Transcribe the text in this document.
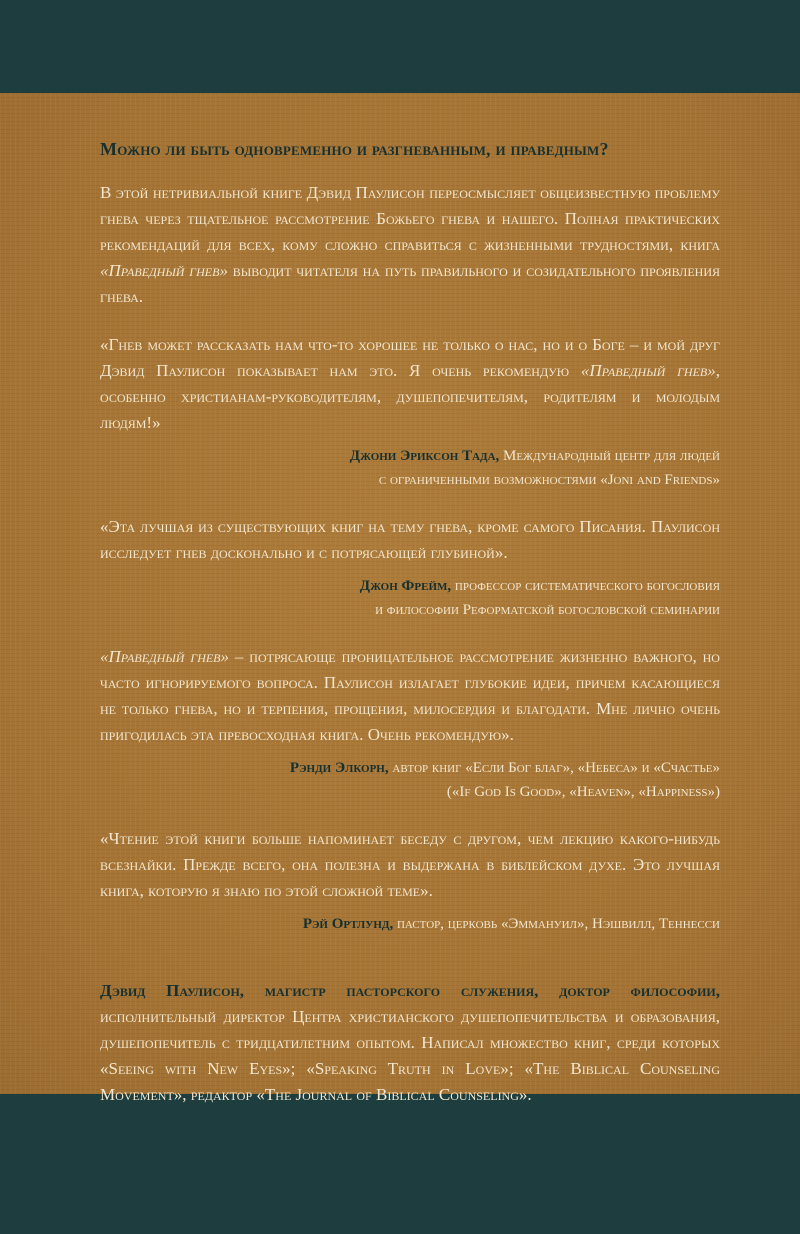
Можно ли быть одновременно и разгневанным, и праведным?

В этой нетривиальной книге Дэвид Паулисон переосмысляет общеизвестную проблему гнева через тщательное рассмотрение Божьего гнева и нашего. Полная практических рекомендаций для всех, кому сложно справиться с жизненными трудностями, книга «Праведный гнев» выводит читателя на путь правильного и созидательного проявления гнева.

«Гнев может рассказать нам что-то хорошее не только о нас, но и о Боге – и мой друг Дэвид Паулисон показывает нам это. Я очень рекомендую «Праведный гнев», особенно христианам-руководителям, душепопечителям, родителям и молодым людям!»

Джони Эриксон Тада, Международный центр для людей
с ограниченными возможностями «Joni and Friends»

«Эта лучшая из существующих книг на тему гнева, кроме самого Писания. Паулисон исследует гнев досконально и с потрясающей глубиной».

Джон Фрейм, профессор систематического богословия
и философии Реформатской богословской семинарии

«Праведный гнев» – потрясающе проницательное рассмотрение жизненно важного, но часто игнорируемого вопроса. Паулисон излагает глубокие идеи, причем касающиеся не только гнева, но и терпения, прощения, милосердия и благодати. Мне лично очень пригодилась эта превосходная книга. Очень рекомендую».

Рэнди Элкорн, автор книг «Если Бог благ», «Небеса» и «Счастье»
(«If God Is Good», «Heaven», «Happiness»)

«Чтение этой книги больше напоминает беседу с другом, чем лекцию какого-нибудь всезнайки. Прежде всего, она полезна и выдержана в библейском духе. Это лучшая книга, которую я знаю по этой сложной теме».

Рэй Ортлунд, пастор, церковь «Эммануил», Нэшвилл, Теннесси

Дэвид Паулисон, магистр пасторского служения, доктор философии, исполнительный директор Центра христианского душепопечительства и образования, душепопечитель с тридцатилетним опытом. Написал множество книг, среди которых «Seeing with New Eyes»; «Speaking Truth in Love»; «The Biblical Counseling Movement», редактор «The Journal of Biblical Counseling».
